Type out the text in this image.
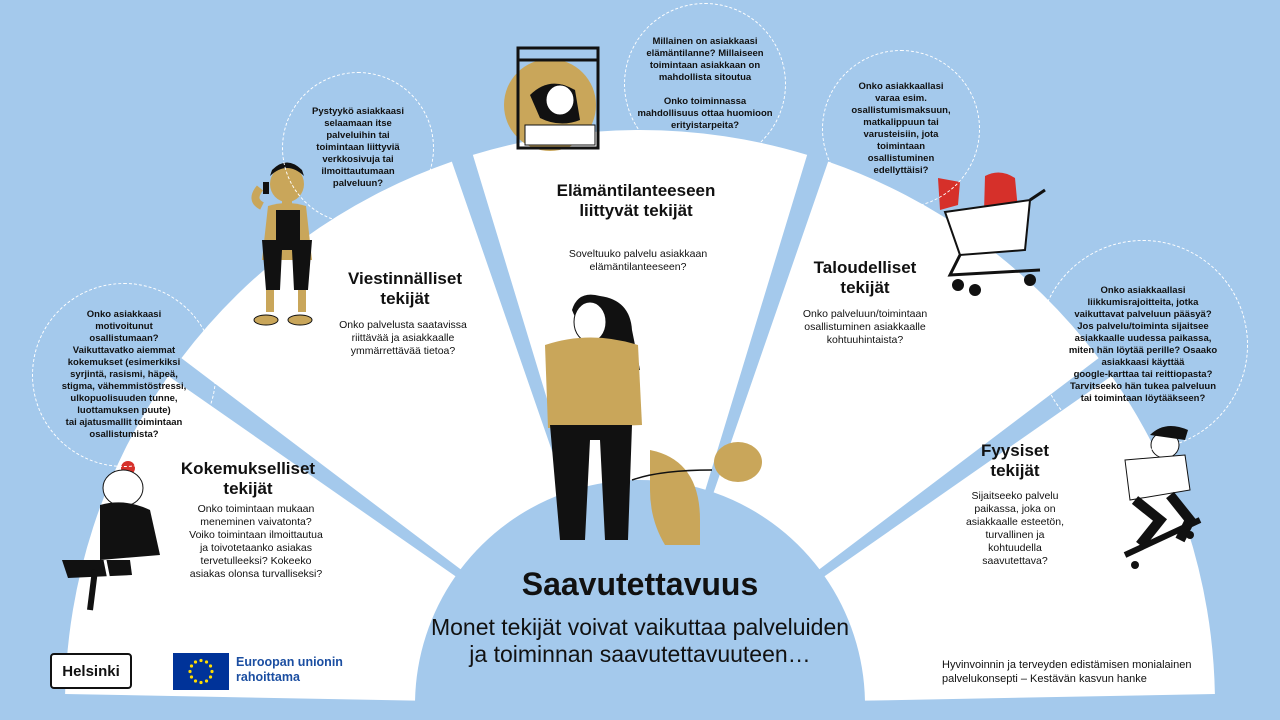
Onko asiakkaasi
motivoitunut
osallistumaan?
Vaikuttavatko aiemmat
kokemukset (esimerkiksi
syrjintä, rasismi, häpeä,
stigma, vähemmistöstressi,
ulkopuolisuuden tunne,
luottamuksen puute)
tai ajatusmallit toimintaan
osallistumista?

Pystyykö asiakkaasi
selaamaan itse
palveluihin tai
toimintaan liittyviä
verkkosivuja tai
ilmoittautumaan
palveluun?

Millainen on asiakkaasi
elämäntilanne? Millaiseen
toimintaan asiakkaan on
mahdollista sitoutua

Onko toiminnassa
mahdollisuus ottaa huomioon
erityistarpeita?

Onko asiakkaallasi
varaa esim.
osallistumismaksuun,
matkalippuun tai
varusteisiin, jota
toimintaan
osallistuminen
edellyttäisi?

Onko asiakkaallasi
liikkumisrajoitteita, jotka
vaikuttavat palveluun pääsyä?
Jos palvelu/toiminta sijaitsee
asiakkaalle uudessa paikassa,
miten hän löytää perille? Osaako
asiakkaasi käyttää
google-karttaa tai reittiopasta?
Tarvitseeko hän tukea palveluun
tai toimintaan löytääkseen?

Kokemukselliset
tekijät
Onko toimintaan mukaan
meneminen vaivatonta?
Voiko toimintaan ilmoittautua
ja toivotetaanko asiakas
tervetulleeksi? Kokeeko
asiakas olonsa turvalliseksi?
Viestinnälliset
tekijät
Onko palvelusta saatavissa
riittävää ja asiakkaalle
ymmärrettävää tietoa?
Elämäntilanteeseen
liittyvät tekijät
Soveltuuko palvelu asiakkaan
elämäntilanteeseen?	Taloudelliset
tekijät
Onko palveluun/toimintaan
osallistuminen asiakkaalle
kohtuuhintaista?
Fyysiset
tekijät
Sijaitseeko palvelu
paikassa, joka on
asiakkaalle esteetön,
turvallinen ja
kohtuudella
saavutettava?
Saavutettavuus
Monet tekijät voivat vaikuttaa palveluiden
ja toiminnan saavutettavuuteen…
Helsinki
Euroopan unionin
rahoittama
Hyvinvoinnin ja terveyden edistämisen monialainen
palvelukonsepti – Kestävän kasvun hanke
